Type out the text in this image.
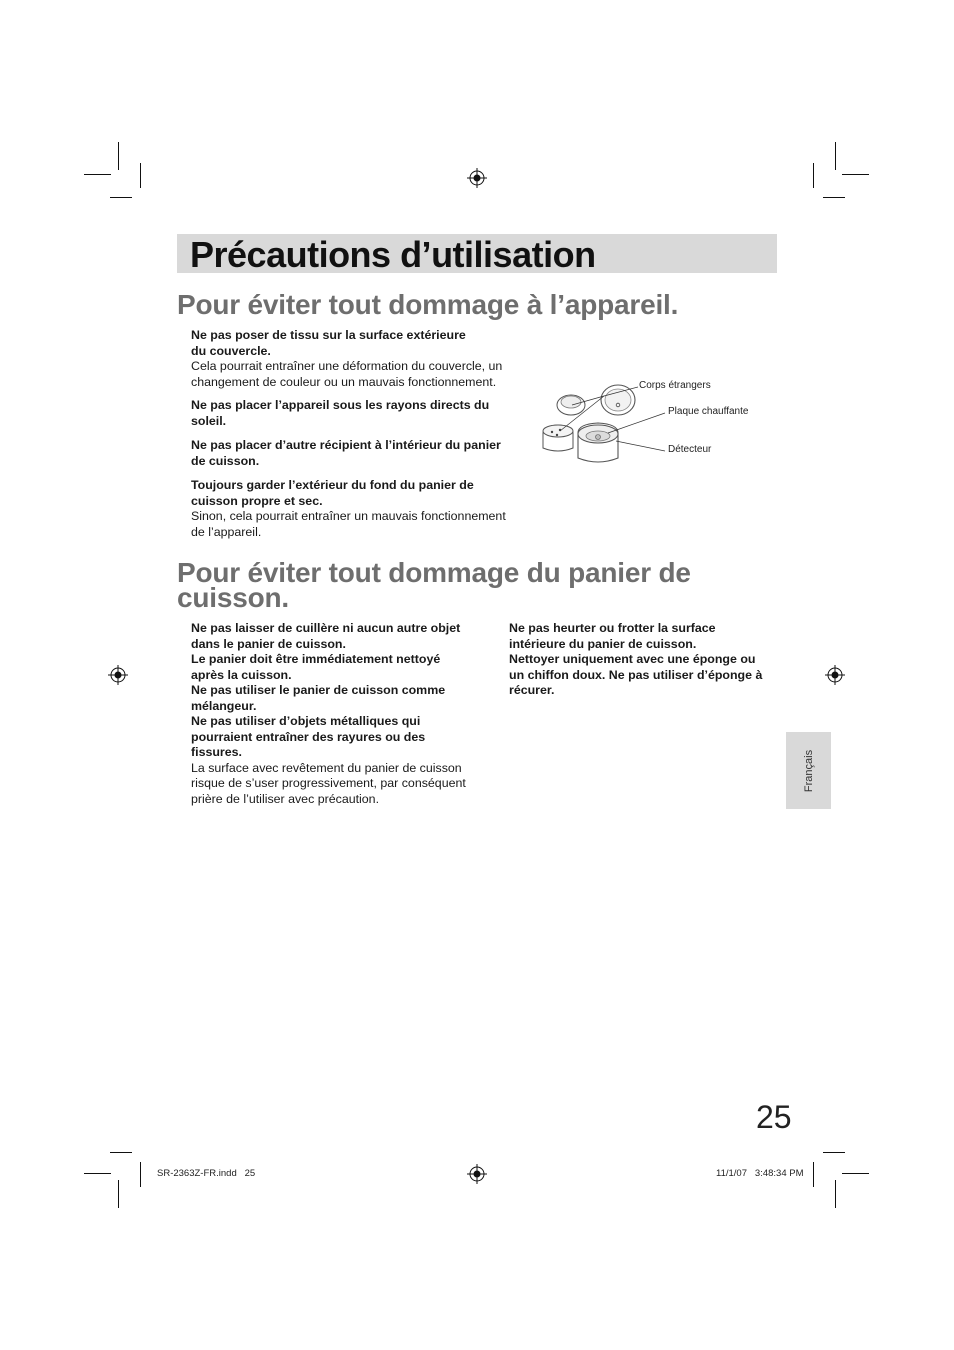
Précautions d’utilisation
Pour éviter tout dommage à l’appareil.
Ne pas poser de tissu sur la surface extérieure
du couvercle.
Cela pourrait entraîner une déformation du couvercle, un
changement de couleur ou un mauvais fonctionnement.
Ne pas placer l’appareil sous les rayons directs du
soleil.
Ne pas placer d’autre récipient à l’intérieur du panier
de cuisson.
Toujours garder l’extérieur du fond du panier de
cuisson propre et sec.
Sinon, cela pourrait entraîner un mauvais fonctionnement
de l’appareil.
Corps étrangers
Plaque chauffante
Détecteur
Pour éviter tout dommage du panier de
cuisson.
Ne pas laisser de cuillère ni aucun autre objet
dans le panier de cuisson.
Le panier doit être immédiatement nettoyé
après la cuisson.
Ne pas utiliser le panier de cuisson comme
mélangeur.
Ne pas utiliser d’objets métalliques qui
pourraient entraîner des rayures ou des
fissures.
La surface avec revêtement du panier de cuisson
risque de s’user progressivement, par conséquent
prière de l’utiliser avec précaution.
Ne pas heurter ou frotter la surface
intérieure du panier de cuisson.
Nettoyer uniquement avec une éponge ou
un chiffon doux. Ne pas utiliser d’éponge à
récurer.
Français
25
SR-2363Z-FR.indd   25	11/1/07   3:48:34 PM
